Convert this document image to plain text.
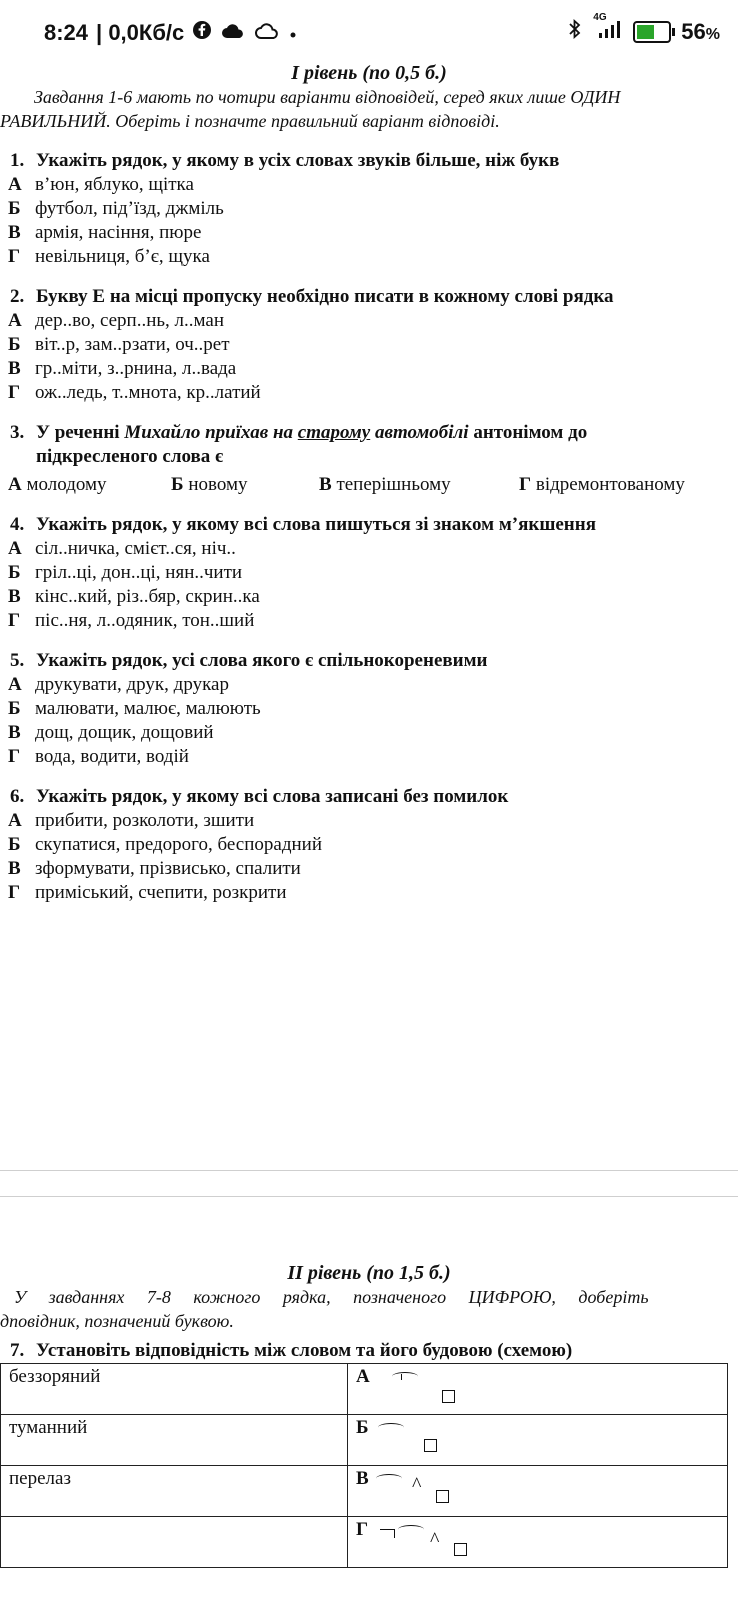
8:24 | 0,0Кб/с
4G
56%
І рівень (по 0,5 б.)
Завдання 1-6 мають по чотири варіанти відповідей, серед яких лише ОДИН
РАВИЛЬНИЙ. Оберіть і позначте правильний варіант відповіді.
1. Укажіть рядок, у якому в усіх словах звуків більше, ніж букв
А в’юн, яблуко, щітка
Б футбол, під’їзд, джміль
В армія, насіння, пюре
Г невільниця, б’є, щука
2. Букву Е на місці пропуску необхідно писати в кожному слові рядка
А дер..во, серп..нь, л..ман
Б віт..р, зам..рзати, оч..рет
В гр..міти, з..рнина, л..вада
Г ож..ледь, т..мнота, кр..латий
3. У реченні Михайло приїхав на старому автомобілі антонімом до
підкресленого слова є
А молодому	Б новому	В теперішньому	Г відремонтованому
4. Укажіть рядок, у якому всі слова пишуться зі знаком м’якшення
А сіл..ничка, смієт..ся, ніч..
Б гріл..ці, дон..ці, нян..чити
В кінс..кий, різ..бяр, скрин..ка
Г піс..ня, л..одяник, тон..ший
5. Укажіть рядок, усі слова якого є спільнокореневими
А друкувати, друк, друкар
Б малювати, малює, малюють
В дощ, дощик, дощовий
Г вода, водити, водій
6. Укажіть рядок, у якому всі слова записані без помилок
А прибити, розколоти, зшити
Б скупатися, предорого, беспорадний
В зформувати, прізвисько, спалити
Г приміський, счепити, розкрити
ІІ рівень (по 1,5 б.)
У завданнях 7-8 кожного рядка, позначеного ЦИФРОЮ, доберіть
дповідник, позначений буквою.
7. Установіть відповідність між словом та його будовою (схемою)
беззоряний	А

туманний	Б

перелаз	В ^

	Г ^
